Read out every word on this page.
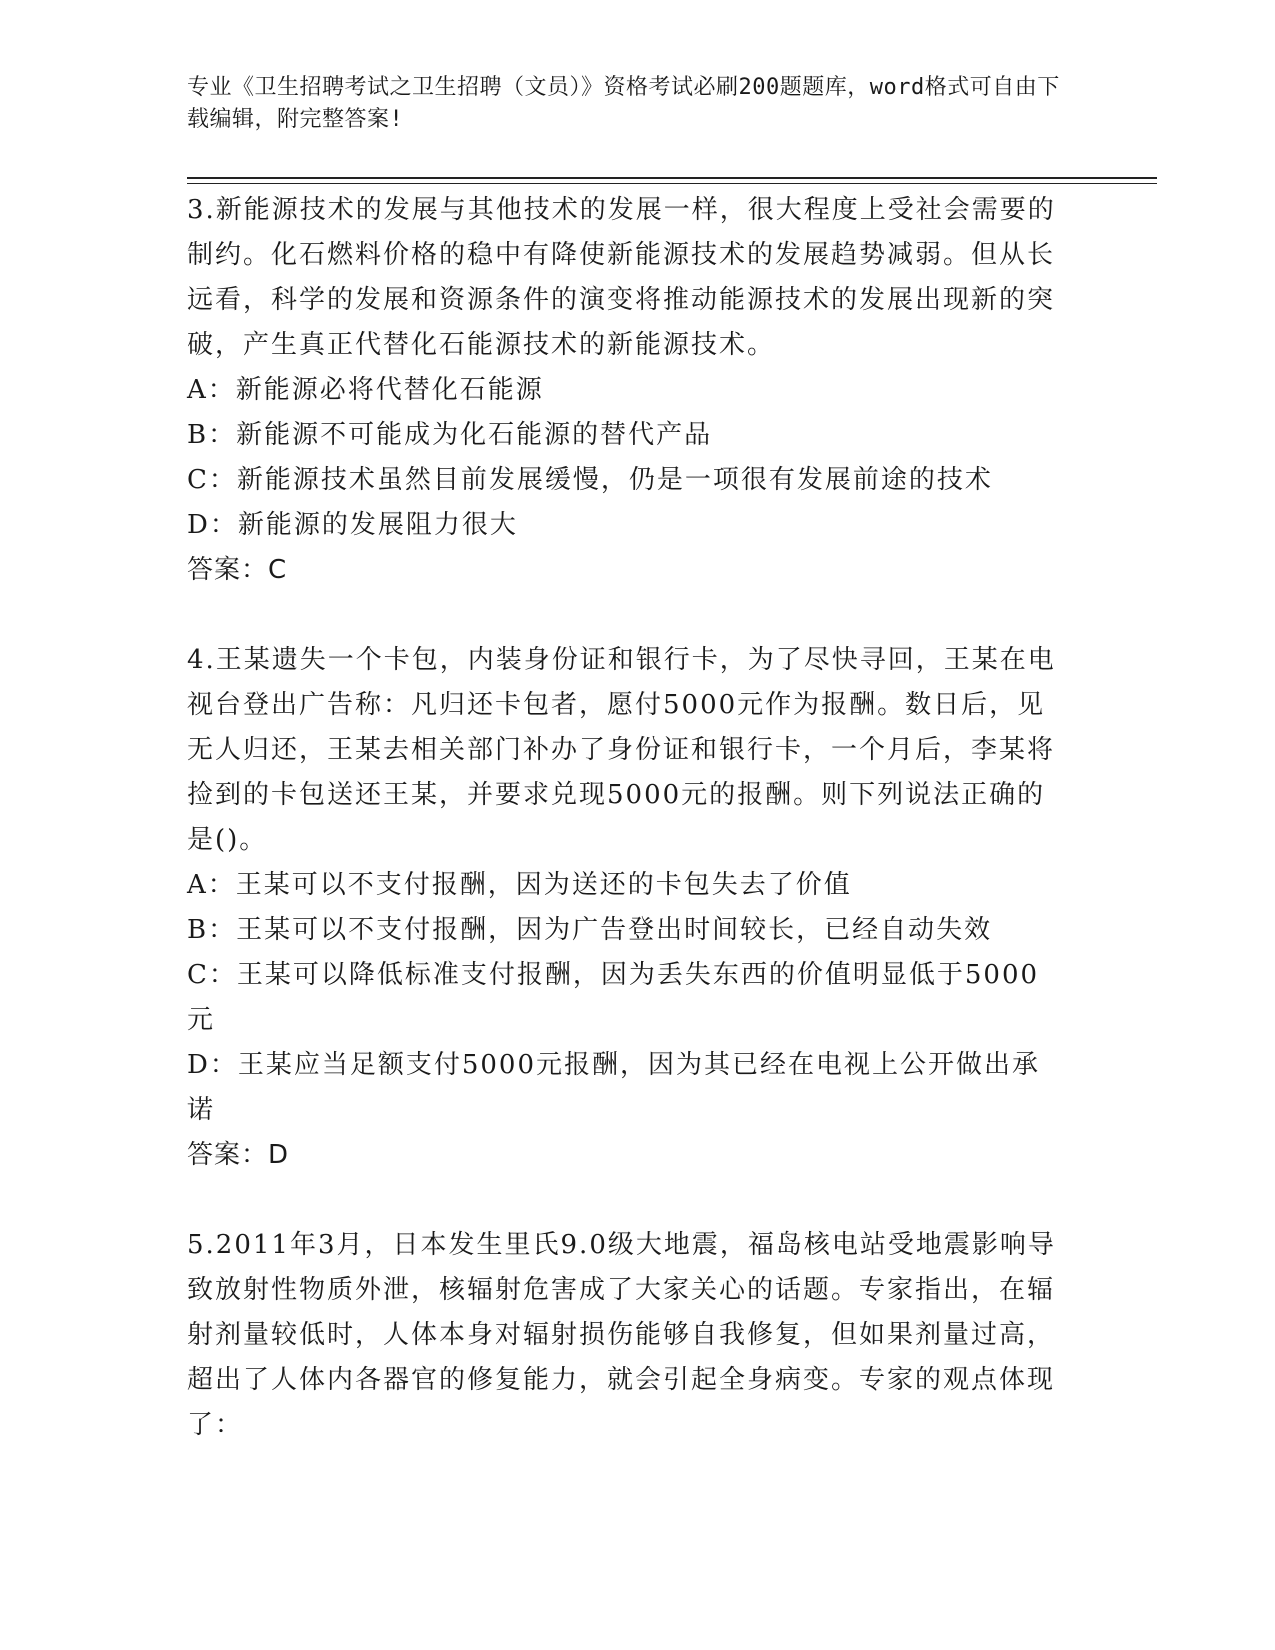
专业《卫生招聘考试之卫生招聘（文员）》资格考试必刷200题题库，word格式可自由下载编辑，附完整答案!

3.新能源技术的发展与其他技术的发展一样，很大程度上受社会需要的制约。化石燃料价格的稳中有降使新能源技术的发展趋势减弱。但从长远看，科学的发展和资源条件的演变将推动能源技术的发展出现新的突破，产生真正代替化石能源技术的新能源技术。

A：新能源必将代替化石能源

B：新能源不可能成为化石能源的替代产品

C：新能源技术虽然目前发展缓慢，仍是一项很有发展前途的技术

D：新能源的发展阻力很大

答案：C

4.王某遗失一个卡包，内装身份证和银行卡，为了尽快寻回，王某在电视台登出广告称：凡归还卡包者，愿付5000元作为报酬。数日后，见无人归还，王某去相关部门补办了身份证和银行卡，一个月后，李某将捡到的卡包送还王某，并要求兑现5000元的报酬。则下列说法正确的是()。

A：王某可以不支付报酬，因为送还的卡包失去了价值

B：王某可以不支付报酬，因为广告登出时间较长，已经自动失效

C：王某可以降低标准支付报酬，因为丢失东西的价值明显低于5000元

D：王某应当足额支付5000元报酬，因为其已经在电视上公开做出承诺

答案：D

5.2011年3月，日本发生里氏9.0级大地震，福岛核电站受地震影响导致放射性物质外泄，核辐射危害成了大家关心的话题。专家指出，在辐射剂量较低时，人体本身对辐射损伤能够自我修复，但如果剂量过高，超出了人体内各器官的修复能力，就会引起全身病变。专家的观点体现了：
